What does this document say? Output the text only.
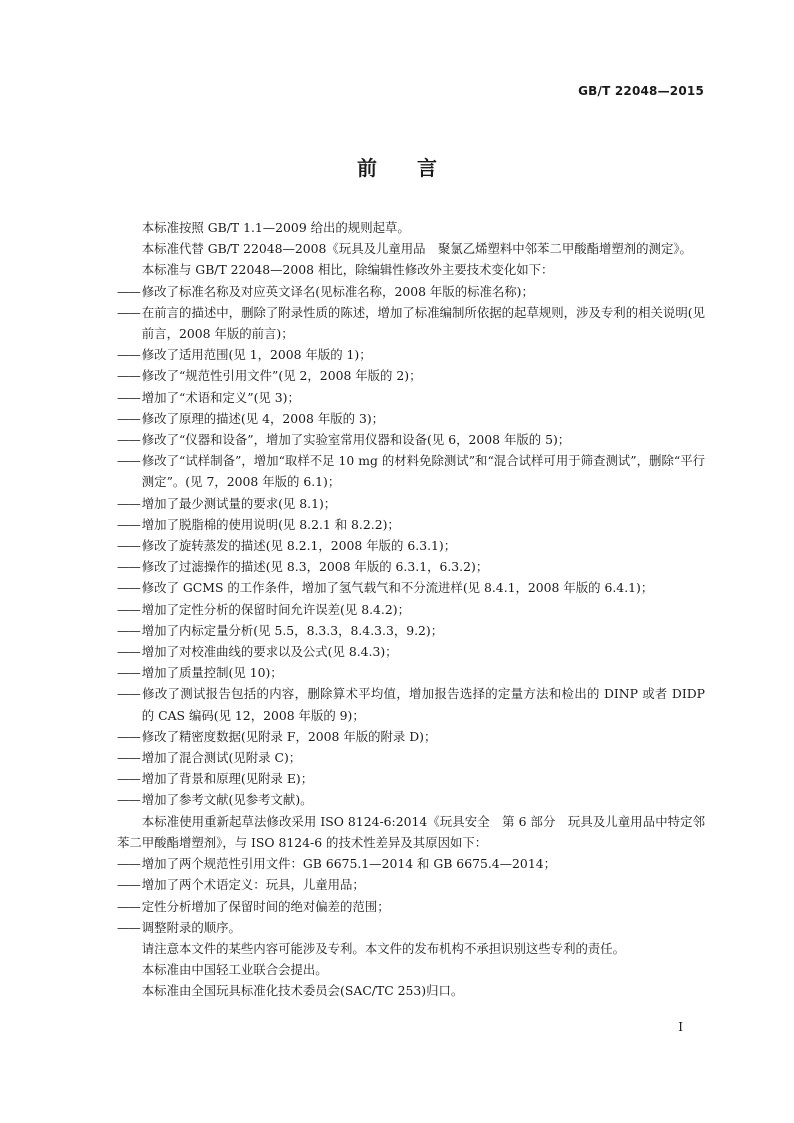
GB/T 22048—2015
前言

本标准按照 GB/T 1.1—2009 给出的规则起草。

本标准代替 GB/T 22048—2008《玩具及儿童用品　聚氯乙烯塑料中邻苯二甲酸酯增塑剂的测定》。

本标准与 GB/T 22048—2008 相比，除编辑性修改外主要技术变化如下：

—— 修改了标准名称及对应英文译名(见标准名称，2008 年版的标准名称)；

—— 在前言的描述中，删除了附录性质的陈述，增加了标准编制所依据的起草规则，涉及专利的相关说明(见前言，2008 年版的前言)；

—— 修改了适用范围(见 1，2008 年版的 1)；

—— 修改了“规范性引用文件”(见 2，2008 年版的 2)；

—— 增加了“术语和定义”(见 3)；

—— 修改了原理的描述(见 4，2008 年版的 3)；

—— 修改了“仪器和设备”，增加了实验室常用仪器和设备(见 6，2008 年版的 5)；

—— 修改了“试样制备”，增加“取样不足 10 mg 的材料免除测试”和“混合试样可用于筛查测试”，删除“平行测定”。(见 7，2008 年版的 6.1)；

—— 增加了最少测试量的要求(见 8.1)；

—— 增加了脱脂棉的使用说明(见 8.2.1 和 8.2.2)；

—— 修改了旋转蒸发的描述(见 8.2.1，2008 年版的 6.3.1)；

—— 修改了过滤操作的描述(见 8.3，2008 年版的 6.3.1，6.3.2)；

—— 修改了 GCMS 的工作条件，增加了氢气载气和不分流进样(见 8.4.1，2008 年版的 6.4.1)；

—— 增加了定性分析的保留时间允许误差(见 8.4.2)；

—— 增加了内标定量分析(见 5.5，8.3.3，8.4.3.3，9.2)；

—— 增加了对校准曲线的要求以及公式(见 8.4.3)；

—— 增加了质量控制(见 10)；

—— 修改了测试报告包括的内容，删除算术平均值，增加报告选择的定量方法和检出的 DINP 或者 DIDP 的 CAS 编码(见 12，2008 年版的 9)；

—— 修改了精密度数据(见附录 F，2008 年版的附录 D)；

—— 增加了混合测试(见附录 C)；

—— 增加了背景和原理(见附录 E)；

—— 增加了参考文献(见参考文献)。

本标准使用重新起草法修改采用 ISO 8124-6:2014《玩具安全　第 6 部分　玩具及儿童用品中特定邻苯二甲酸酯增塑剂》，与 ISO 8124-6 的技术性差异及其原因如下：

—— 增加了两个规范性引用文件：GB 6675.1—2014 和 GB 6675.4—2014；

—— 增加了两个术语定义：玩具，儿童用品；

—— 定性分析增加了保留时间的绝对偏差的范围；

—— 调整附录的顺序。

请注意本文件的某些内容可能涉及专利。本文件的发布机构不承担识别这些专利的责任。

本标准由中国轻工业联合会提出。

本标准由全国玩具标准化技术委员会(SAC/TC 253)归口。

I
